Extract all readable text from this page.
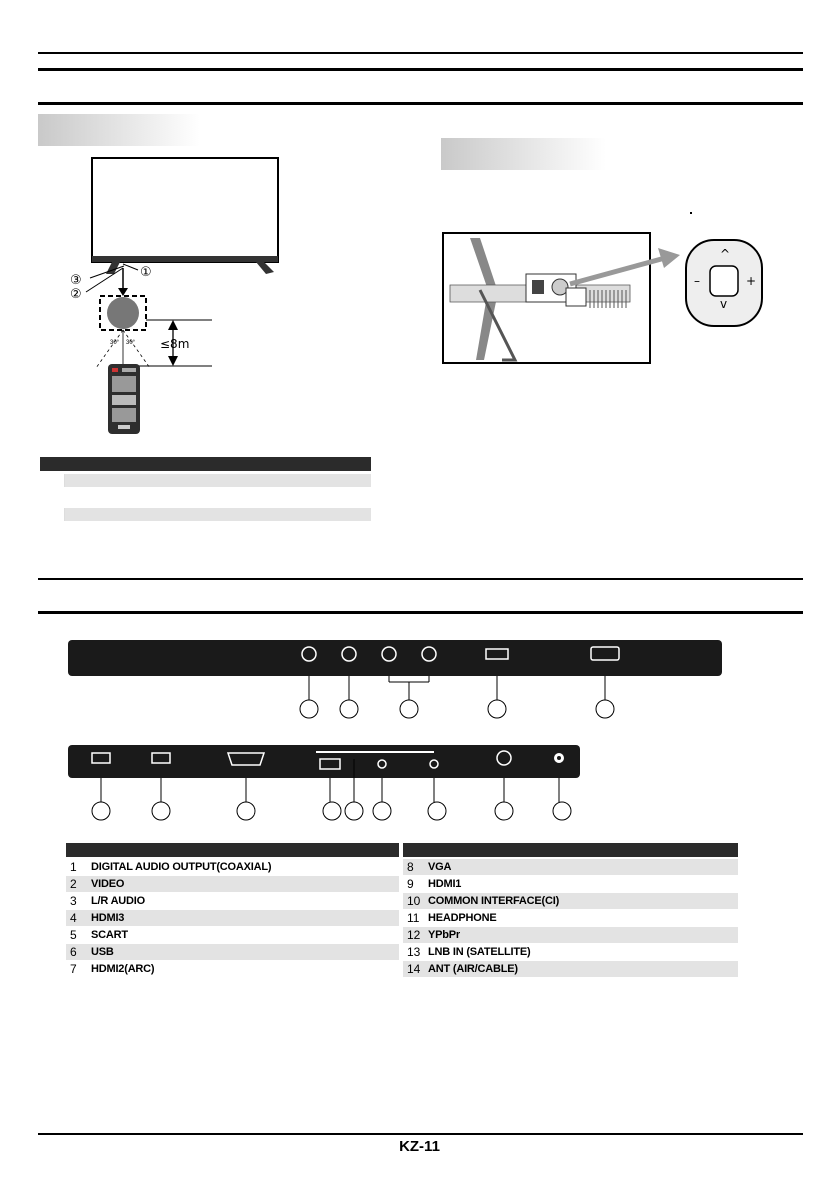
①
③
②
30° 30° ≤8m
^
v
–	+
1 DIGITAL AUDIO OUTPUT(COAXIAL)
2 VIDEO
3 L/R AUDIO
4 HDMI3
5 SCART
6 USB
7 HDMI2(ARC)
8 VGA
9 HDMI1
10 COMMON INTERFACE(CI)
11 HEADPHONE
12 YPbPr
13 LNB IN (SATELLITE)
14 ANT (AIR/CABLE)
KZ-11
